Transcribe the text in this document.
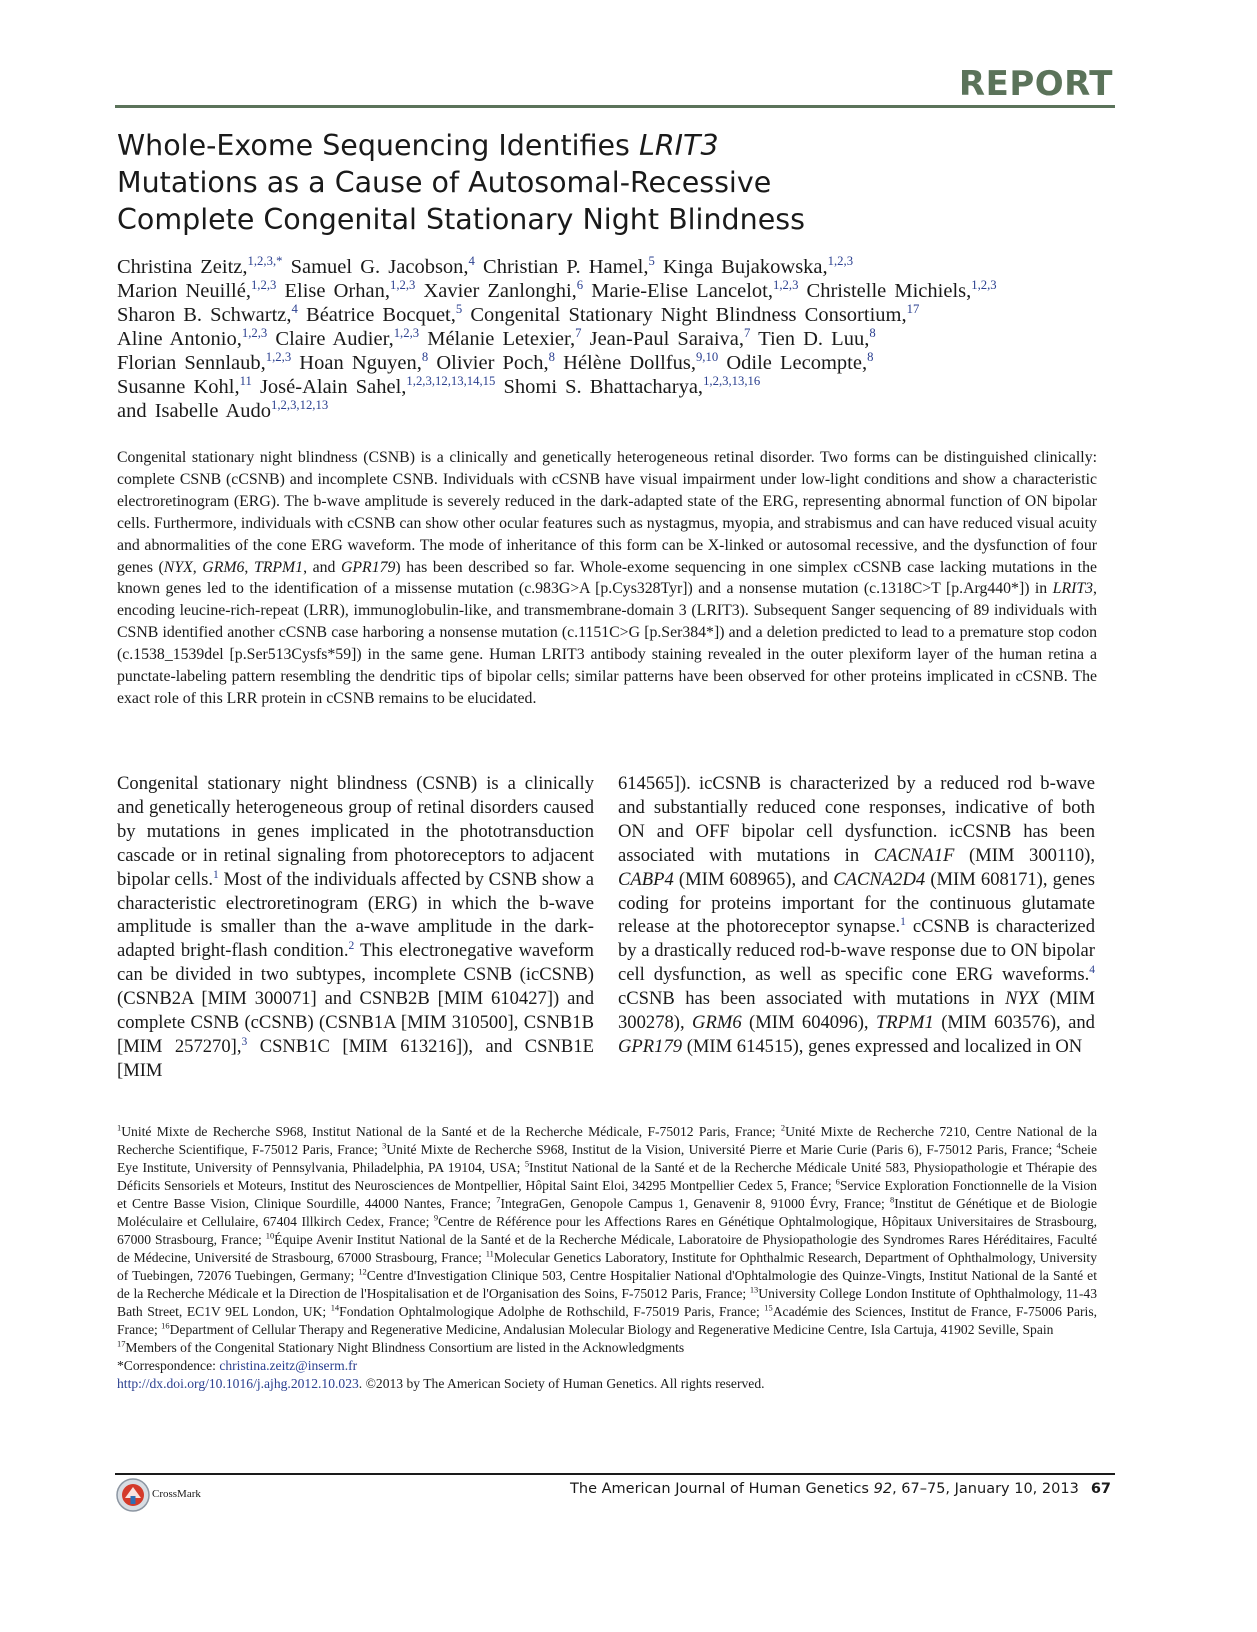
REPORT
Whole-Exome Sequencing Identifies LRIT3
Mutations as a Cause of Autosomal-Recessive
Complete Congenital Stationary Night Blindness
Christina Zeitz,$^{1,2,3,*}$ Samuel G. Jacobson,$^4$ Christian P. Hamel,$^5$ Kinga Bujakowska,$^{1,2,3}$
Marion Neuillé,$^{1,2,3}$ Elise Orhan,$^{1,2,3}$ Xavier Zanlonghi,$^6$ Marie-Elise Lancelot,$^{1,2,3}$ Christelle Michiels,$^{1,2,3}$
Sharon B. Schwartz,$^4$ Béatrice Bocquet,$^5$ Congenital Stationary Night Blindness Consortium,$^{17}$
Aline Antonio,$^{1,2,3}$ Claire Audier,$^{1,2,3}$ Mélanie Letexier,$^7$ Jean-Paul Saraiva,$^7$ Tien D. Luu,$^8$
Florian Sennlaub,$^{1,2,3}$ Hoan Nguyen,$^8$ Olivier Poch,$^8$ Hélène Dollfus,$^{9,10}$ Odile Lecompte,$^8$
Susanne Kohl,$^{11}$ José-Alain Sahel,$^{1,2,3,12,13,14,15}$ Shomi S. Bhattacharya,$^{1,2,3,13,16}$
and Isabelle Audo$^{1,2,3,12,13}$

Congenital stationary night blindness (CSNB) is a clinically and genetically heterogeneous retinal disorder. Two forms can be distinguished clinically: complete CSNB (cCSNB) and incomplete CSNB. Individuals with cCSNB have visual impairment under low-light conditions and show a characteristic electroretinogram (ERG). The b-wave amplitude is severely reduced in the dark-adapted state of the ERG, representing abnormal function of ON bipolar cells. Furthermore, individuals with cCSNB can show other ocular features such as nystagmus, myopia, and strabismus and can have reduced visual acuity and abnormalities of the cone ERG waveform. The mode of inheritance of this form can be X-linked or autosomal recessive, and the dysfunction of four genes (NYX, GRM6, TRPM1, and GPR179) has been described so far. Whole-exome sequencing in one simplex cCSNB case lacking mutations in the known genes led to the identification of a missense mutation (c.983G>A [p.Cys328Tyr]) and a nonsense mutation (c.1318C>T [p.Arg440*]) in LRIT3, encoding leucine-rich-repeat (LRR), immunoglobulin-like, and transmembrane-domain 3 (LRIT3). Subsequent Sanger sequencing of 89 individuals with CSNB identified another cCSNB case harboring a nonsense mutation (c.1151C>G [p.Ser384*]) and a deletion predicted to lead to a premature stop codon (c.1538_1539del [p.Ser513Cysfs*59]) in the same gene. Human LRIT3 antibody staining revealed in the outer plexiform layer of the human retina a punctate-labeling pattern resembling the dendritic tips of bipolar cells; similar patterns have been observed for other proteins implicated in cCSNB. The exact role of this LRR protein in cCSNB remains to be elucidated.

Congenital stationary night blindness (CSNB) is a clinically and genetically heterogeneous group of retinal disorders caused by mutations in genes implicated in the phototransduction cascade or in retinal signaling from photoreceptors to adjacent bipolar cells.$^1$ Most of the individuals affected by CSNB show a characteristic electroretinogram (ERG) in which the b-wave amplitude is smaller than the a-wave amplitude in the dark-adapted bright-flash condition.$^2$ This electronegative waveform can be divided in two subtypes, incomplete CSNB (icCSNB) (CSNB2A [MIM 300071] and CSNB2B [MIM 610427]) and complete CSNB (cCSNB) (CSNB1A [MIM 310500], CSNB1B [MIM 257270],$^3$ CSNB1C [MIM 613216]), and CSNB1E [MIM

614565]). icCSNB is characterized by a reduced rod b-wave and substantially reduced cone responses, indicative of both ON and OFF bipolar cell dysfunction. icCSNB has been associated with mutations in CACNA1F (MIM 300110), CABP4 (MIM 608965), and CACNA2D4 (MIM 608171), genes coding for proteins important for the continuous glutamate release at the photoreceptor synapse.$^1$ cCSNB is characterized by a drastically reduced rod-b-wave response due to ON bipolar cell dysfunction, as well as specific cone ERG waveforms.$^4$ cCSNB has been associated with mutations in NYX (MIM 300278), GRM6 (MIM 604096), TRPM1 (MIM 603576), and GPR179 (MIM 614515), genes expressed and localized in ON

$^1$Unité Mixte de Recherche S968, Institut National de la Santé et de la Recherche Médicale, F-75012 Paris, France; $^2$Unité Mixte de Recherche 7210, Centre National de la Recherche Scientifique, F-75012 Paris, France; $^3$Unité Mixte de Recherche S968, Institut de la Vision, Université Pierre et Marie Curie (Paris 6), F-75012 Paris, France; $^4$Scheie Eye Institute, University of Pennsylvania, Philadelphia, PA 19104, USA; $^5$Institut National de la Santé et de la Recherche Médicale Unité 583, Physiopathologie et Thérapie des Déficits Sensoriels et Moteurs, Institut des Neurosciences de Montpellier, Hôpital Saint Eloi, 34295 Montpellier Cedex 5, France; $^6$Service Exploration Fonctionnelle de la Vision et Centre Basse Vision, Clinique Sourdille, 44000 Nantes, France; $^7$IntegraGen, Genopole Campus 1, Genavenir 8, 91000 Évry, France; $^8$Institut de Génétique et de Biologie Moléculaire et Cellulaire, 67404 Illkirch Cedex, France; $^9$Centre de Référence pour les Affections Rares en Génétique Ophtalmologique, Hôpitaux Universitaires de Strasbourg, 67000 Strasbourg, France; $^{10}$Équipe Avenir Institut National de la Santé et de la Recherche Médicale, Laboratoire de Physiopathologie des Syndromes Rares Héréditaires, Faculté de Médecine, Université de Strasbourg, 67000 Strasbourg, France; $^{11}$Molecular Genetics Laboratory, Institute for Ophthalmic Research, Department of Ophthalmology, University of Tuebingen, 72076 Tuebingen, Germany; $^{12}$Centre d'Investigation Clinique 503, Centre Hospitalier National d'Ophtalmologie des Quinze-Vingts, Institut National de la Santé et de la Recherche Médicale et la Direction de l'Hospitalisation et de l'Organisation des Soins, F-75012 Paris, France; $^{13}$University College London Institute of Ophthalmology, 11-43 Bath Street, EC1V 9EL London, UK; $^{14}$Fondation Ophtalmologique Adolphe de Rothschild, F-75019 Paris, France; $^{15}$Académie des Sciences, Institut de France, F-75006 Paris, France; $^{16}$Department of Cellular Therapy and Regenerative Medicine, Andalusian Molecular Biology and Regenerative Medicine Centre, Isla Cartuja, 41902 Seville, Spain

$^{17}$Members of the Congenital Stationary Night Blindness Consortium are listed in the Acknowledgments

*Correspondence: christina.zeitz@inserm.fr

http://dx.doi.org/10.1016/j.ajhg.2012.10.023. ©2013 by The American Society of Human Genetics. All rights reserved.

CrossMark	The American Journal of Human Genetics 92, 67–75, January 10, 2013 67
